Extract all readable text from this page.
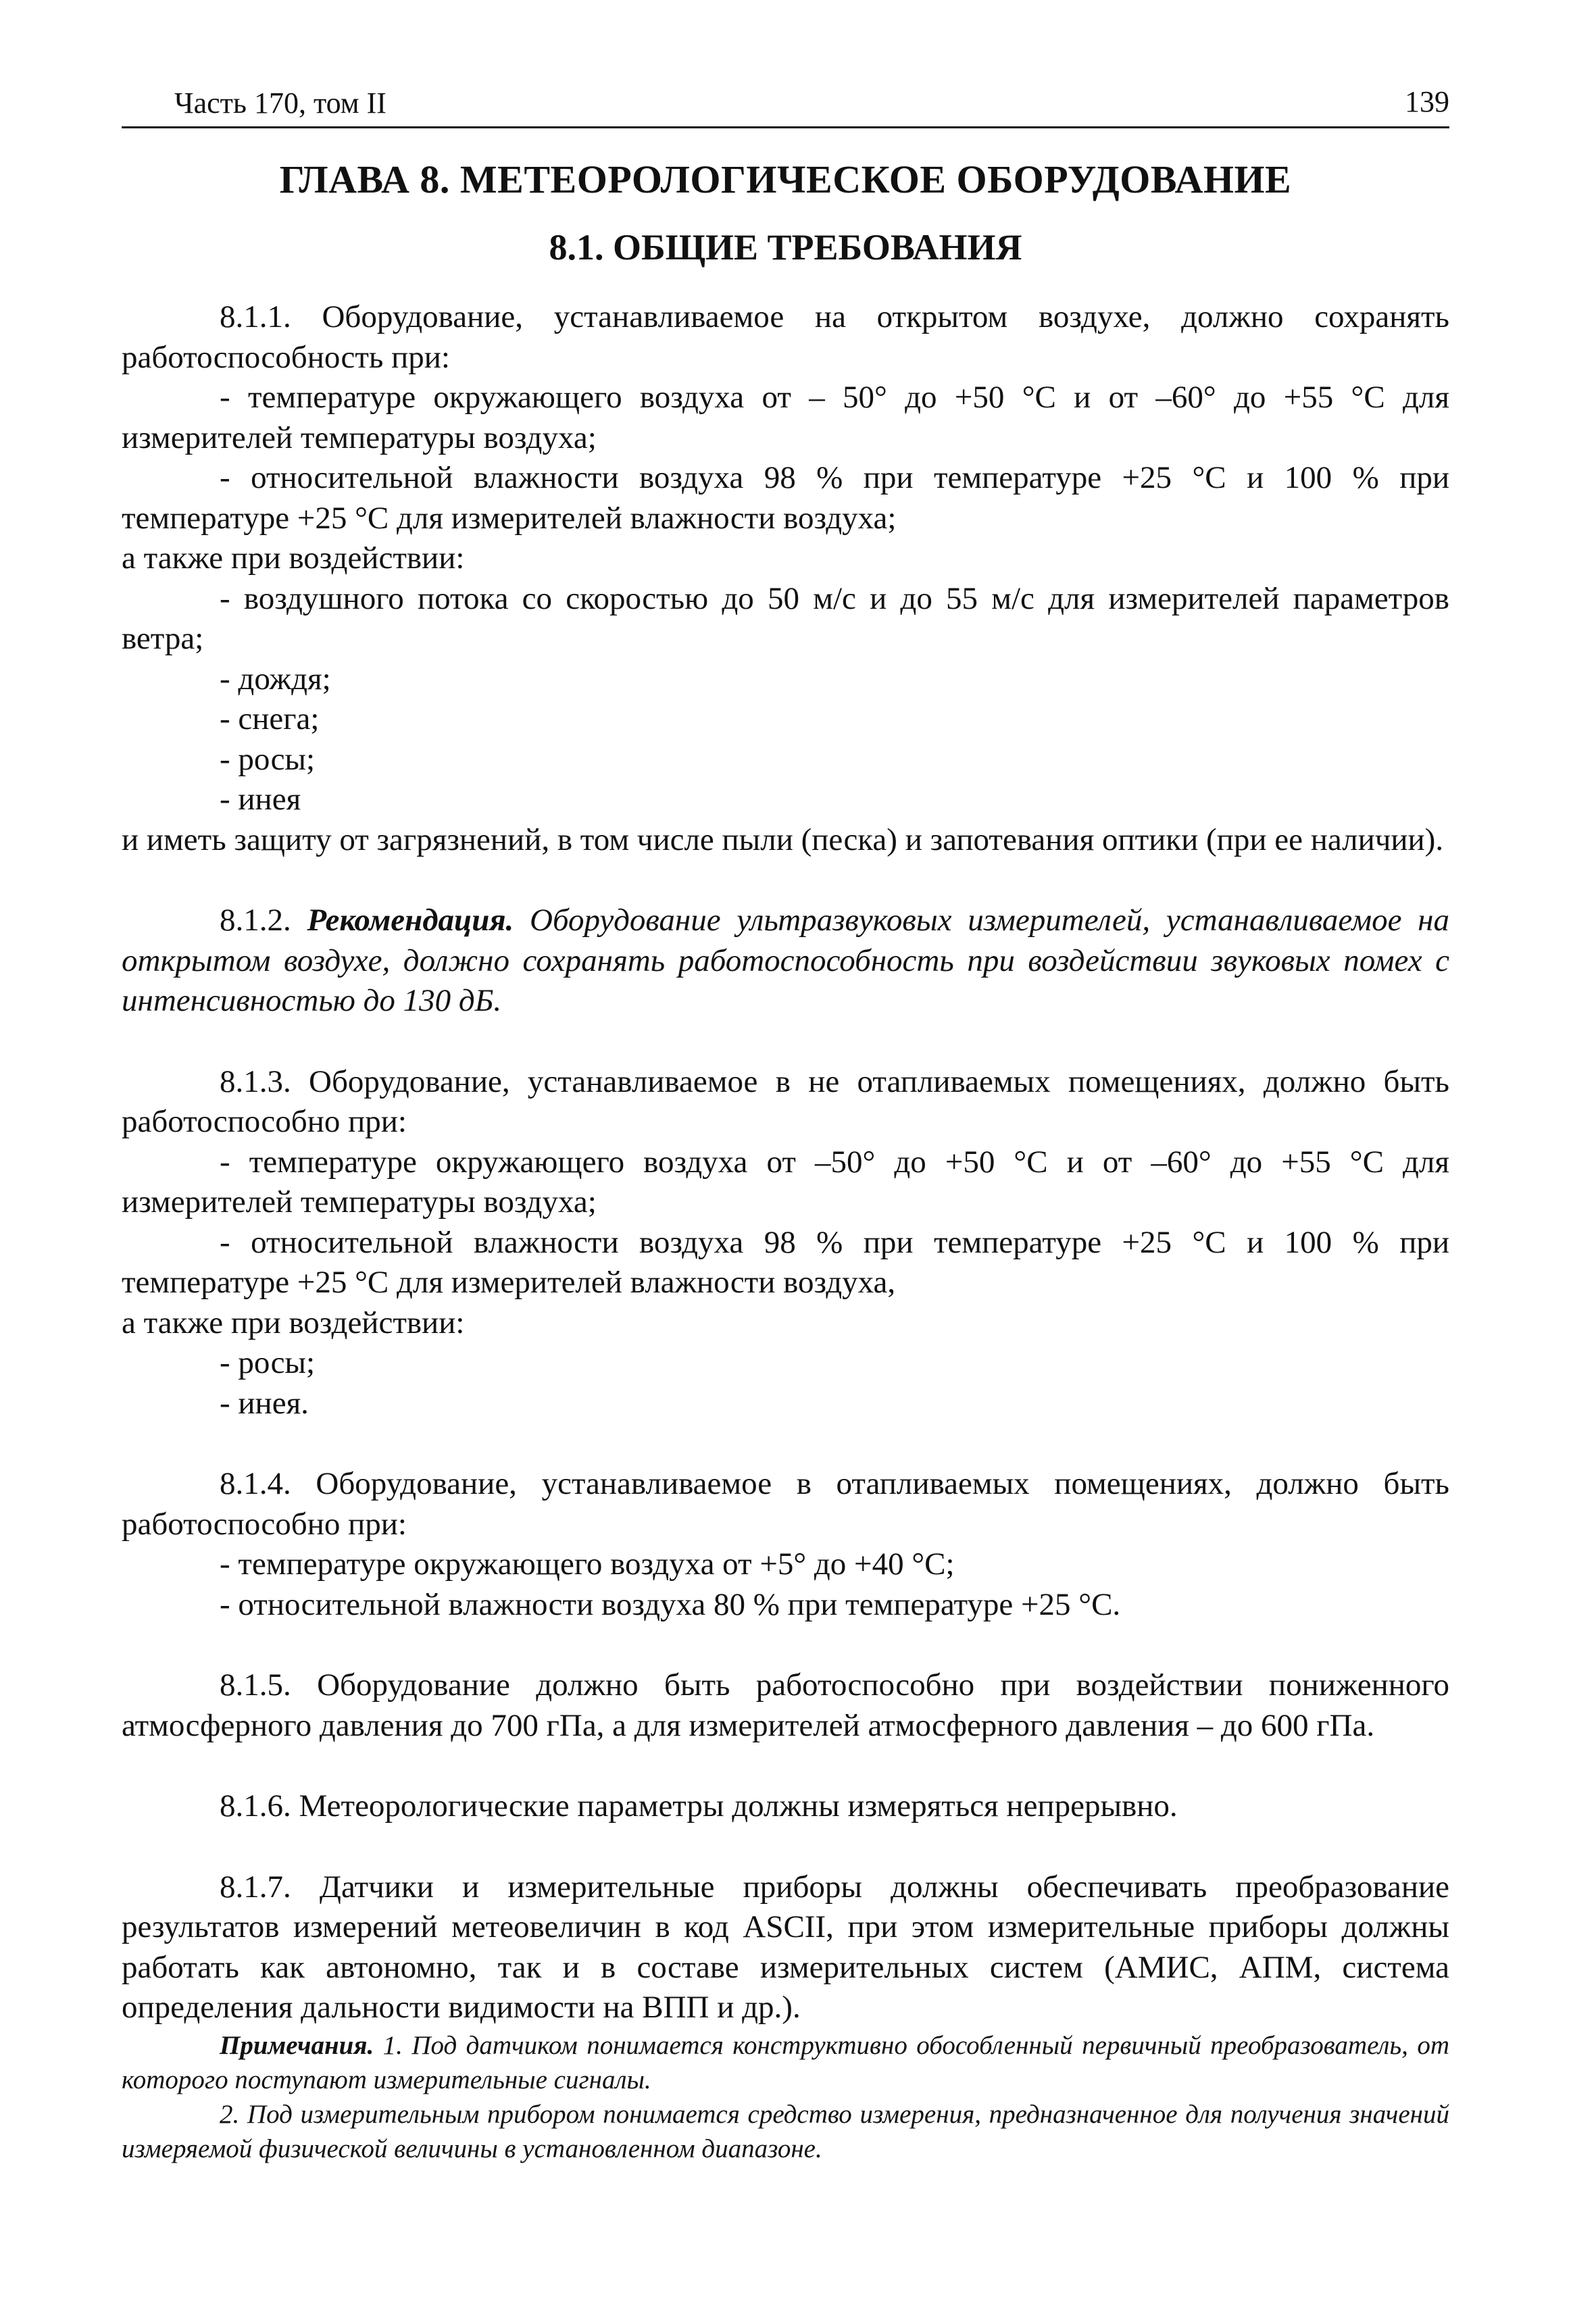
Часть 170, том II	139
ГЛАВА 8. МЕТЕОРОЛОГИЧЕСКОЕ ОБОРУДОВАНИЕ
8.1. ОБЩИЕ ТРЕБОВАНИЯ

8.1.1. Оборудование, устанавливаемое на открытом воздухе, должно сохранять работоспособность при:

- температуре окружающего воздуха от – 50° до +50 °С и от –60° до +55 °С для измерителей температуры воздуха;

- относительной влажности воздуха 98 % при температуре +25 °С и 100 % при температуре +25 °С для измерителей влажности воздуха;

а также при воздействии:

- воздушного потока со скоростью до 50 м/с и до 55 м/с для измерителей параметров ветра;

- дождя;

- снега;

- росы;

- инея

и иметь защиту от загрязнений, в том числе пыли (песка) и запотевания оптики (при ее наличии).

8.1.2. Рекомендация. Оборудование ультразвуковых измерителей, устанавливаемое на открытом воздухе, должно сохранять работоспособность при воздействии звуковых помех с интенсивностью до 130 дБ.

8.1.3. Оборудование, устанавливаемое в не отапливаемых помещениях, должно быть работоспособно при:

- температуре окружающего воздуха от –50° до +50 °С и от –60° до +55 °С для измерителей температуры воздуха;

- относительной влажности воздуха 98 % при температуре +25 °С и 100 % при температуре +25 °С для измерителей влажности воздуха,

а также при воздействии:

- росы;

- инея.

8.1.4. Оборудование, устанавливаемое в отапливаемых помещениях, должно быть работоспособно при:

- температуре окружающего воздуха от +5° до +40 °С;

- относительной влажности воздуха 80 % при температуре +25 °С.

8.1.5. Оборудование должно быть работоспособно при воздействии пониженного атмосферного давления до 700 гПа, а для измерителей атмосферного давления – до 600 гПа.

8.1.6. Метеорологические параметры должны измеряться непрерывно.

8.1.7. Датчики и измерительные приборы должны обеспечивать преобразование результатов измерений метеовеличин в код ASCII, при этом измерительные приборы должны работать как автономно, так и в составе измерительных систем (АМИС, АПМ, система определения дальности видимости на ВПП и др.).

Примечания. 1. Под датчиком понимается конструктивно обособленный первичный преобразователь, от которого поступают измерительные сигналы.

2. Под измерительным прибором понимается средство измерения, предназначенное для получения значений измеряемой физической величины в установленном диапазоне.
